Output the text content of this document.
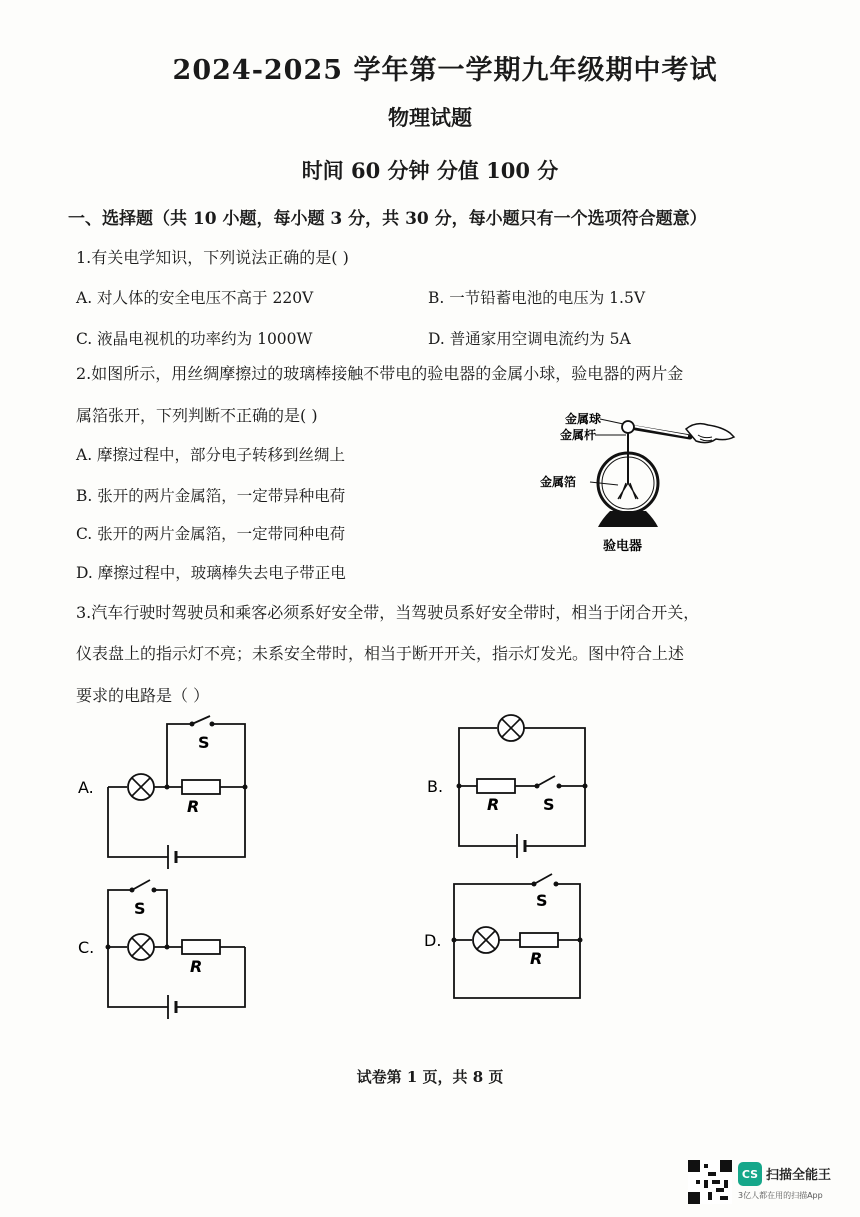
2024-2025 学年第一学期九年级期中考试
物理试题
时间 60 分钟 分值 100 分
一、选择题（共 10 小题，每小题 3 分，共 30 分，每小题只有一个选项符合题意）
1.有关电学知识，下列说法正确的是( )
A. 对人体的安全电压不高于 220V	B. 一节铅蓄电池的电压为 1.5V
C. 液晶电视机的功率约为 1000W	D. 普通家用空调电流约为 5A
2.如图所示，用丝绸摩擦过的玻璃棒接触不带电的验电器的金属小球，验电器的两片金
属箔张开，下列判断不正确的是( )
A. 摩擦过程中，部分电子转移到丝绸上
B. 张开的两片金属箔，一定带异种电荷
C. 张开的两片金属箔，一定带同种电荷
D. 摩擦过程中，玻璃棒失去电子带正电
金属球
金属杆
金属箔
验电器
3.汽车行驶时驾驶员和乘客必须系好安全带，当驾驶员系好安全带时，相当于闭合开关，
仪表盘上的指示灯不亮；未系安全带时，相当于断开开关，指示灯发光。图中符合上述
要求的电路是（ ）
A.
S
R
B.
R	S
C.
S
R
D.
S
R
试卷第 1 页，共 8 页
CS 扫描全能王
3亿人都在用的扫描App
